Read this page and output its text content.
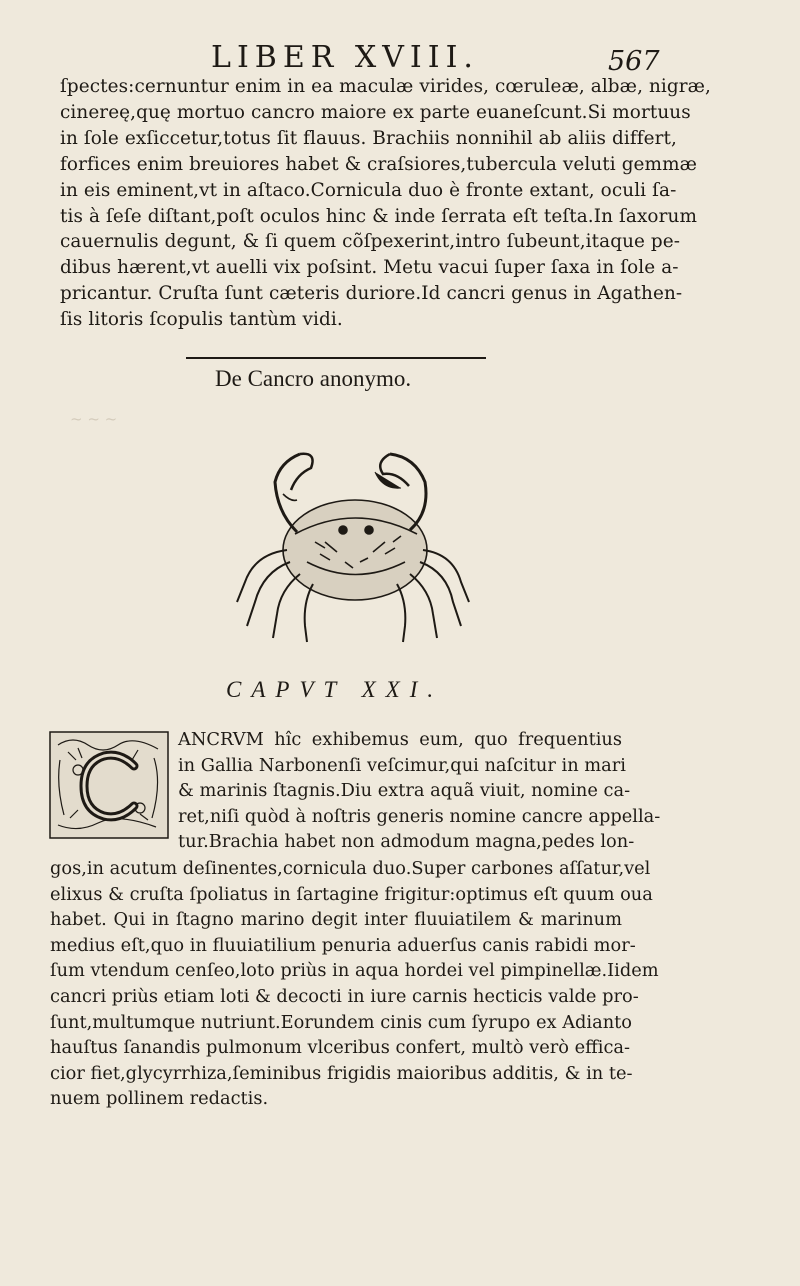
LIBER XVIII.	567
ſpectes:cernuntur enim in ea maculæ virides, cœruleæ, albæ, nigræ,
cinereę,quę mortuo cancro maiore ex parte euaneſcunt.Si mortuus
in ſole exſiccetur,totus ſit flauus. Brachiis nonnihil ab aliis differt,
forfices enim breuiores habet & craſsiores,tubercula veluti gemmæ
in eis eminent,vt in aſtaco.Cornicula duo è fronte extant, oculi ſa-
tis à ſeſe diſtant,poſt oculos hinc & inde ſerrata eſt teſta.In ſaxorum
cauernulis degunt, & ſi quem cõſpexerint,intro ſubeunt,itaque pe-
dibus hærent,vt auelli vix poſsint. Metu vacui ſuper ſaxa in ſole a-
pricantur. Cruſta ſunt cæteris duriore.Id cancri genus in Agathen-
ſis litoris ſcopulis tantùm vidi.
De Cancro anonymo.
~ ~ ~
CAPVT XXI.
ANCRVM hîc exhibemus eum, quo frequentius
in Gallia Narbonenſi veſcimur,qui naſcitur in mari
& marinis ſtagnis.Diu extra aquã viuit, nomine ca-
ret,niſi quòd à noſtris generis nomine cancre appella-
tur.Brachia habet non admodum magna,pedes lon-
gos,in acutum deſinentes,cornicula duo.Super carbones aſſatur,vel
elixus & cruſta ſpoliatus in ſartagine frigitur:optimus eſt quum oua
habet. Qui in ſtagno marino degit inter fluuiatilem & marinum
medius eſt,quo in fluuiatilium penuria aduerſus canis rabidi mor-
ſum vtendum cenſeo,loto priùs in aqua hordei vel pimpinellæ.Iidem
cancri priùs etiam loti & decocti in iure carnis hecticis valde pro-
ſunt,multumque nutriunt.Eorundem cinis cum ſyrupo ex Adianto
hauſtus ſanandis pulmonum vlceribus confert, multò verò effica-
cior fiet,glycyrrhiza,ſeminibus frigidis maioribus additis, & in te-
nuem pollinem redactis.
